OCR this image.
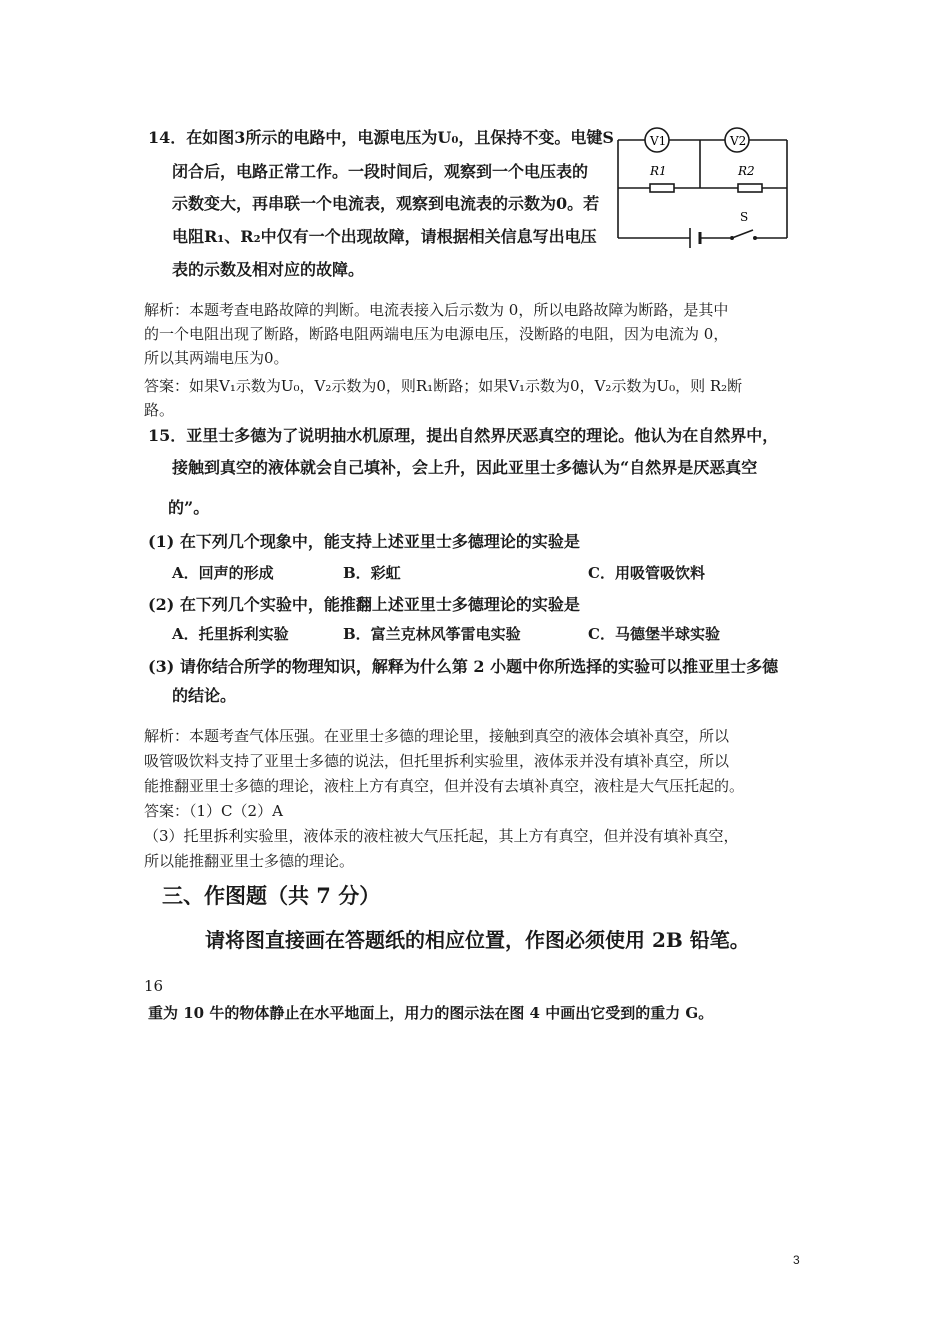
14．在如图3所示的电路中，电源电压为U₀，且保持不变。电键S
闭合后，电路正常工作。一段时间后，观察到一个电压表的
示数变大，再串联一个电流表，观察到电流表的示数为0。若
电阻R₁、R₂中仅有一个出现故障，请根据相关信息写出电压
表的示数及相对应的故障。
V1	V2
R1	R2
S
解析：本题考查电路故障的判断。电流表接入后示数为 0，所以电路故障为断路，是其中
的一个电阻出现了断路，断路电阻两端电压为电源电压，没断路的电阻，因为电流为 0，
所以其两端电压为0。
答案：如果V₁示数为U₀，V₂示数为0，则R₁断路；如果V₁示数为0，V₂示数为U₀，则 R₂断
路。
15．亚里士多德为了说明抽水机原理，提出自然界厌恶真空的理论。他认为在自然界中，
接触到真空的液体就会自己填补，会上升，因此亚里士多德认为“自然界是厌恶真空
的”。
(1) 在下列几个现象中，能支持上述亚里士多德理论的实验是
A．回声的形成	B．彩虹	C．用吸管吸饮料
(2) 在下列几个实验中，能推翻上述亚里士多德理论的实验是
A．托里拆利实验	B．富兰克林风筝雷电实验	C．马德堡半球实验
(3) 请你结合所学的物理知识，解释为什么第 2 小题中你所选择的实验可以推亚里士多德
的结论。
解析：本题考查气体压强。在亚里士多德的理论里，接触到真空的液体会填补真空，所以
吸管吸饮料支持了亚里士多德的说法，但托里拆利实验里，液体汞并没有填补真空，所以
能推翻亚里士多德的理论，液柱上方有真空，但并没有去填补真空，液柱是大气压托起的。
答案：（1）C（2）A
（3）托里拆利实验里，液体汞的液柱被大气压托起，其上方有真空，但并没有填补真空，
所以能推翻亚里士多德的理论。
三、作图题（共 7 分）
请将图直接画在答题纸的相应位置，作图必须使用 2B 铅笔。
16
重为 10 牛的物体静止在水平地面上，用力的图示法在图 4 中画出它受到的重力 G。
3
